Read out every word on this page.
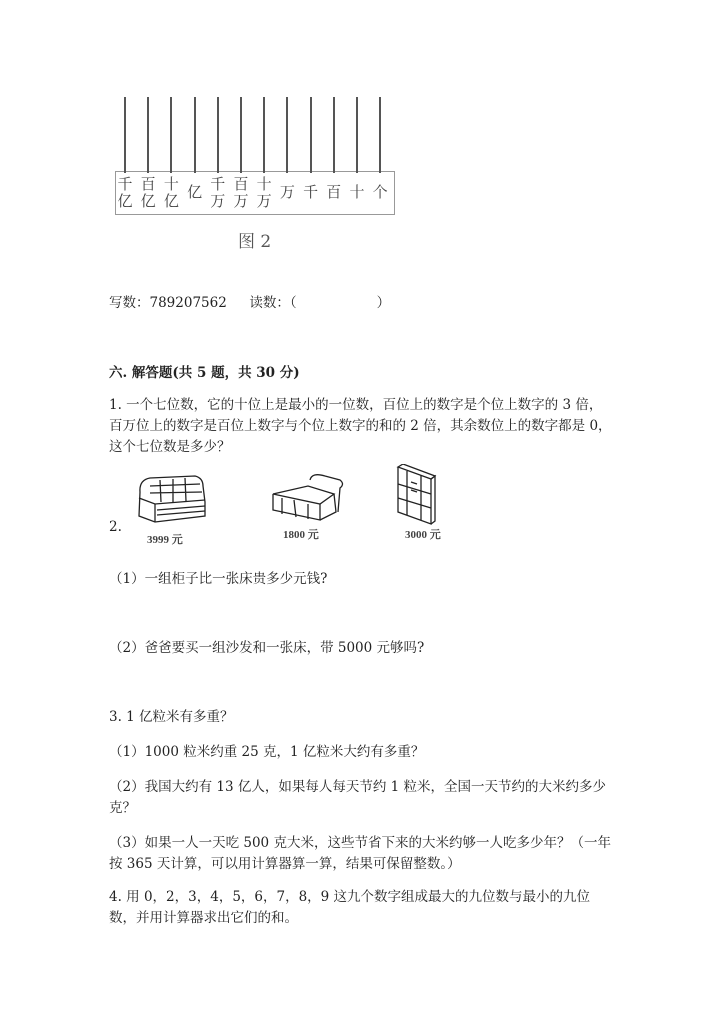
千
亿
百
亿
十
亿 亿 千
万
百
万
十
万 万 千 百 十 个
图 2
写数：789207562 读数：（	）
六. 解答题(共 5 题，共 30 分)
1. 一个七位数，它的十位上是最小的一位数，百位上的数字是个位上数字的 3 倍，百万位上的数字是百位上数字与个位上数字的和的 2 倍，其余数位上的数字都是 0，这个七位数是多少？
2.
3999 元	1800 元	3000 元
（1）一组柜子比一张床贵多少元钱?
（2）爸爸要买一组沙发和一张床，带 5000 元够吗?
3. 1 亿粒米有多重？
（1）1000 粒米约重 25 克，1 亿粒米大约有多重？
（2）我国大约有 13 亿人，如果每人每天节约 1 粒米，全国一天节约的大米约多少克？
（3）如果一人一天吃 500 克大米，这些节省下来的大米约够一人吃多少年？（一年按 365 天计算，可以用计算器算一算，结果可保留整数。）
4. 用 0，2，3，4，5，6，7，8，9 这九个数字组成最大的九位数与最小的九位数，并用计算器求出它们的和。
